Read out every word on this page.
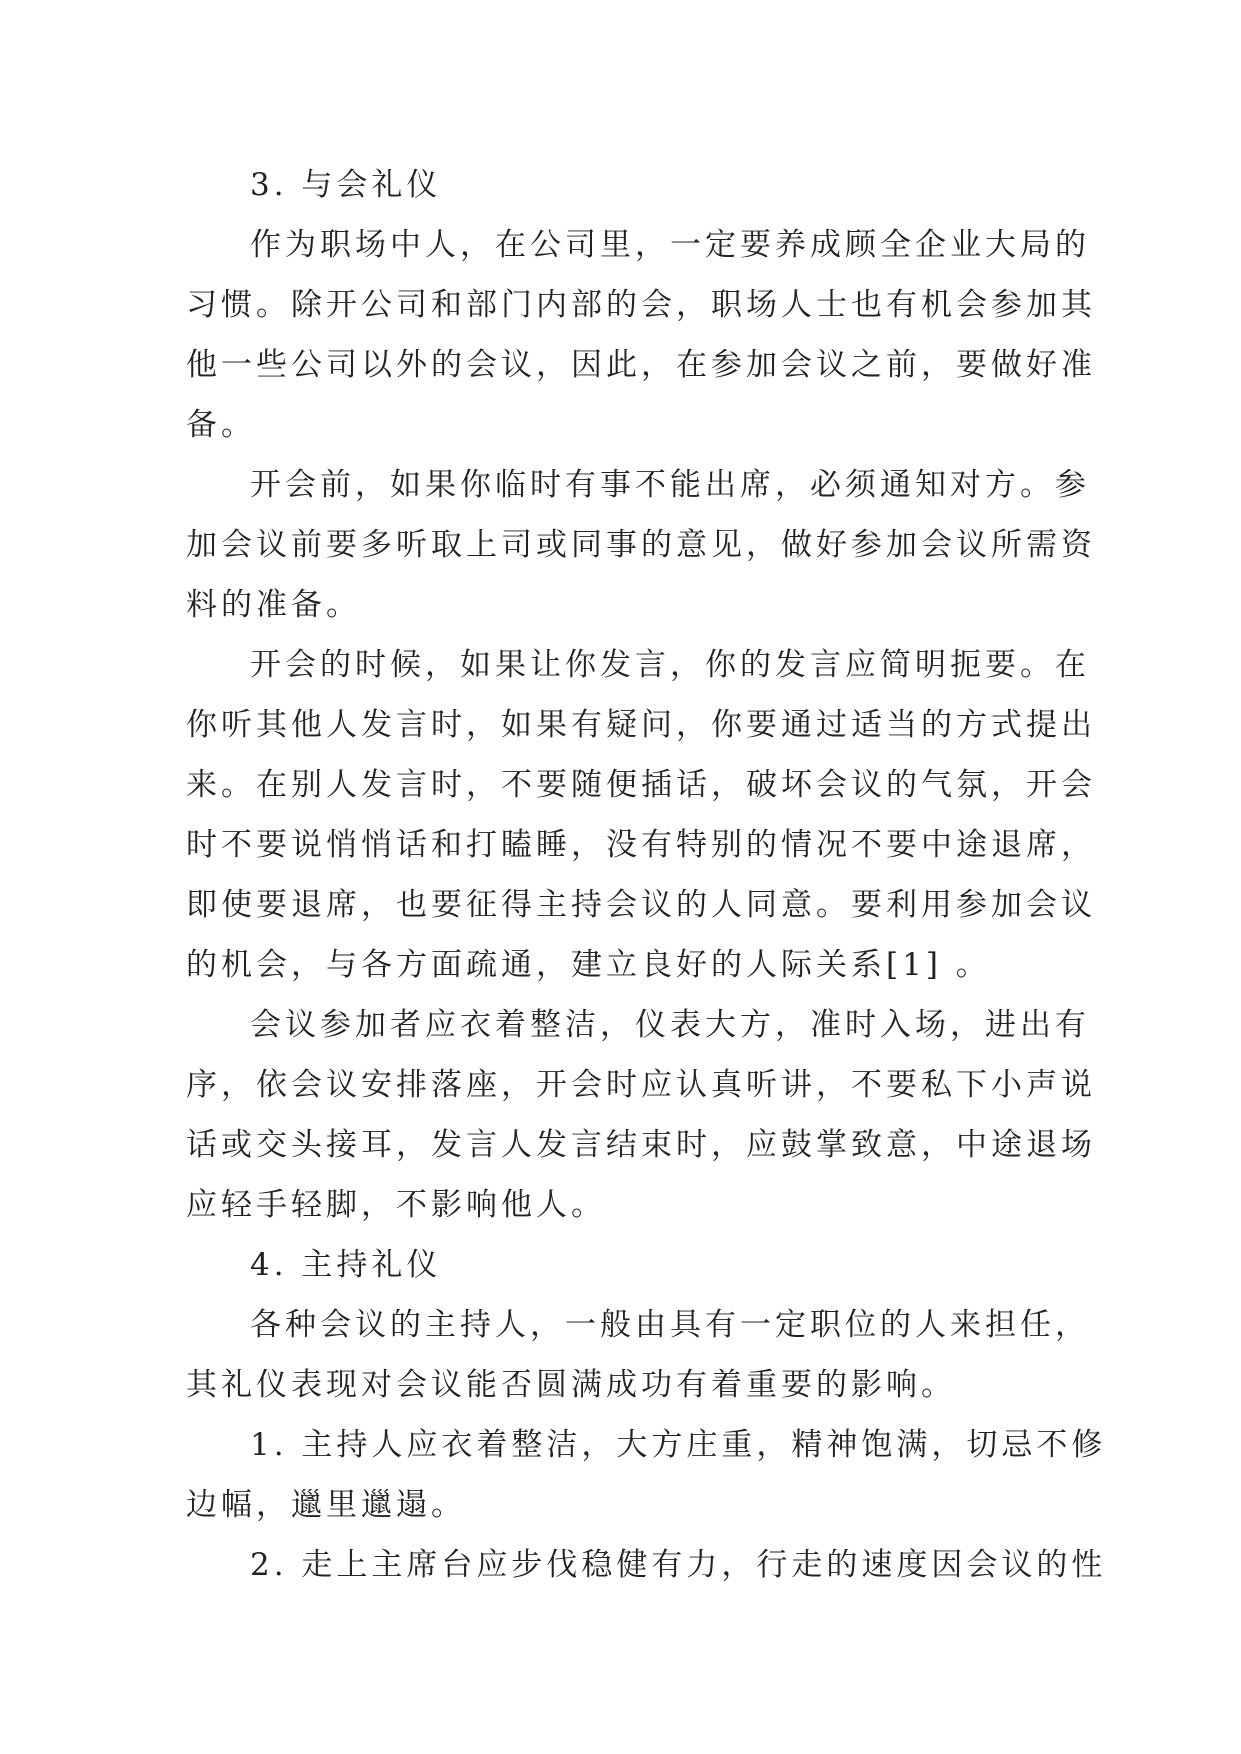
3. 与会礼仪
作为职场中人，在公司里，一定要养成顾全企业大局的
习惯。除开公司和部门内部的会，职场人士也有机会参加其
他一些公司以外的会议，因此，在参加会议之前，要做好准
备。
开会前，如果你临时有事不能出席，必须通知对方。参
加会议前要多听取上司或同事的意见，做好参加会议所需资
料的准备。
开会的时候，如果让你发言，你的发言应简明扼要。在
你听其他人发言时，如果有疑问，你要通过适当的方式提出
来。在别人发言时，不要随便插话，破坏会议的气氛，开会
时不要说悄悄话和打瞌睡，没有特别的情况不要中途退席，
即使要退席，也要征得主持会议的人同意。要利用参加会议
的机会，与各方面疏通，建立良好的人际关系[1] 。
会议参加者应衣着整洁，仪表大方，准时入场，进出有
序，依会议安排落座，开会时应认真听讲，不要私下小声说
话或交头接耳，发言人发言结束时，应鼓掌致意，中途退场
应轻手轻脚，不影响他人。
4. 主持礼仪
各种会议的主持人，一般由具有一定职位的人来担任，
其礼仪表现对会议能否圆满成功有着重要的影响。
1. 主持人应衣着整洁，大方庄重，精神饱满，切忌不修
边幅，邋里邋遢。
2. 走上主席台应步伐稳健有力，行走的速度因会议的性
